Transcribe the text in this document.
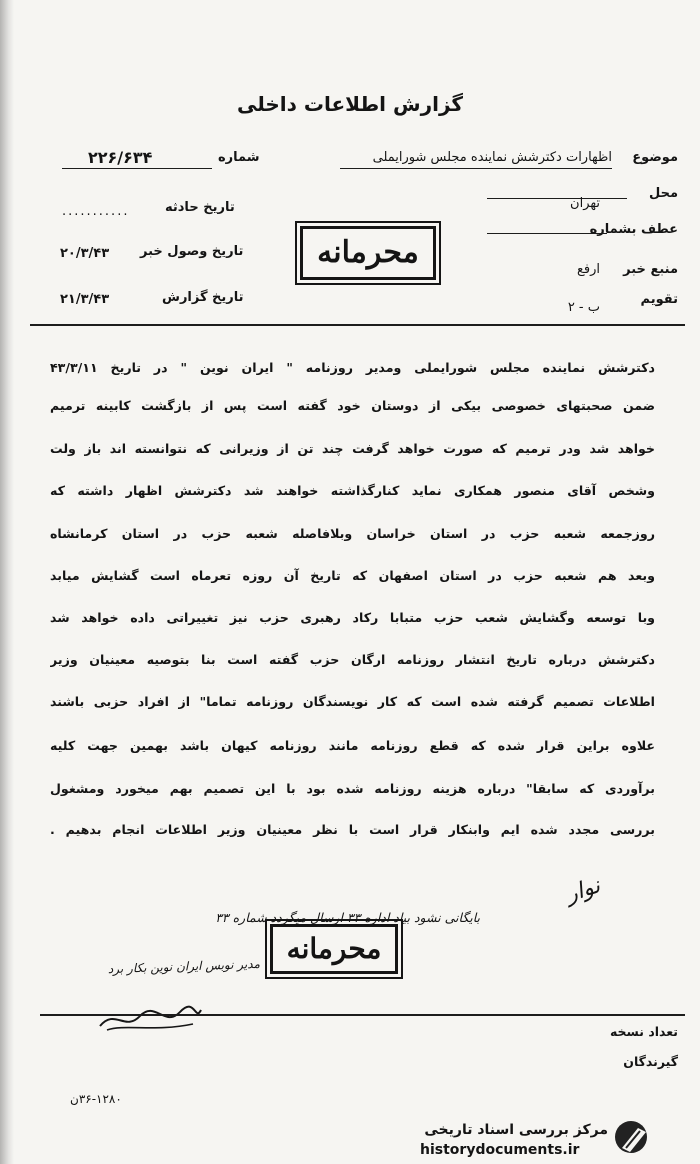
گزارش اطلاعات داخلی
موضوع
اظهارات دکترشش نماینده مجلس شورایملی
محل
تهران
عطف بشماره
منبع خبر
ارفع
تقویم
ب - ۲
شماره
۲۲۶/۶۳۴
تاریخ حادثه
...........
تاریخ وصول خبر
۲۰/۳/۴۳
تاریخ گزارش
۲۱/۳/۴۳
محرمانه
دکترشش نماینده مجلس شورایملی ومدیر روزنامه " ایران نوین " در تاریخ ۴۳/۳/۱۱
ضمن صحبتهای خصوصی بیکی از دوستان خود گفته است پس از بازگشت کابینه ترمیم
خواهد شد ودر ترمیم که صورت خواهد گرفت چند تن از وزیرانی که نتوانسته اند باز ولت
وشخص آقای منصور همکاری نماید کنارگذاشته خواهند شد دکترشش اظهار داشته که
روزجمعه شعبه حزب در استان خراسان وبلافاصله شعبه حزب در استان کرمانشاه
وبعد هم شعبه حزب در استان اصفهان که تاریخ آن روزه تعرماه است گشایش میابد
وبا توسعه وگشایش شعب حزب متبابا رکاد رهبری حزب نیز تغییراتی داده خواهد شد
دکترشش درباره تاریخ انتشار روزنامه ارگان حزب گفته است بنا بتوصیه معینیان وزیر
اطلاعات تصمیم گرفته شده است که کار نویسندگان روزنامه تماما" از افراد حزبی باشند
علاوه براین قرار شده که قطع روزنامه مانند روزنامه کیهان باشد بهمین جهت کلیه
برآوردی که سابقا" درباره هزینه روزنامه شده بود با این تصمیم بهم میخورد ومشغول
بررسی مجدد شده ایم وابنکار قرار است با نظر معینیان وزیر اطلاعات انجام بدهیم .
نوار
بایگانی نشود بیاد اداره ۳۳ ارسال میگردد شماره ۳۳
مدیر نوبس ایران نوین بکار برد
محرمانه
تعداد نسخه
گیرندگان
۳۶-۱۲۸۰ن
مرکز بررسی اسناد تاریخی
historydocuments.ir
